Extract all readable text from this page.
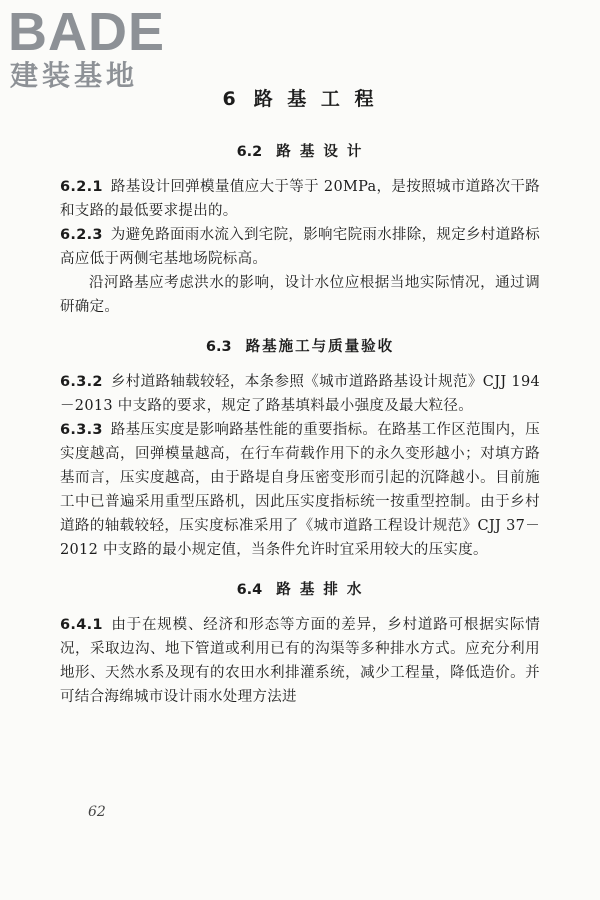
BADE
建装基地
6 路 基 工 程
6.2 路 基 设 计

6.2.1 路基设计回弹模量值应大于等于 20MPa，是按照城市道路次干路和支路的最低要求提出的。

6.2.3 为避免路面雨水流入到宅院，影响宅院雨水排除，规定乡村道路标高应低于两侧宅基地场院标高。

沿河路基应考虑洪水的影响，设计水位应根据当地实际情况，通过调研确定。

6.3 路基施工与质量验收

6.3.2 乡村道路轴载较轻，本条参照《城市道路路基设计规范》CJJ 194－2013 中支路的要求，规定了路基填料最小强度及最大粒径。

6.3.3 路基压实度是影响路基性能的重要指标。在路基工作区范围内，压实度越高，回弹模量越高，在行车荷载作用下的永久变形越小；对填方路基而言，压实度越高，由于路堤自身压密变形而引起的沉降越小。目前施工中已普遍采用重型压路机，因此压实度指标统一按重型控制。由于乡村道路的轴载较轻，压实度标准采用了《城市道路工程设计规范》CJJ 37－2012 中支路的最小规定值，当条件允许时宜采用较大的压实度。

6.4 路 基 排 水

6.4.1 由于在规模、经济和形态等方面的差异，乡村道路可根据实际情况，采取边沟、地下管道或利用已有的沟渠等多种排水方式。应充分利用地形、天然水系及现有的农田水利排灌系统，减少工程量，降低造价。并可结合海绵城市设计雨水处理方法进

62
